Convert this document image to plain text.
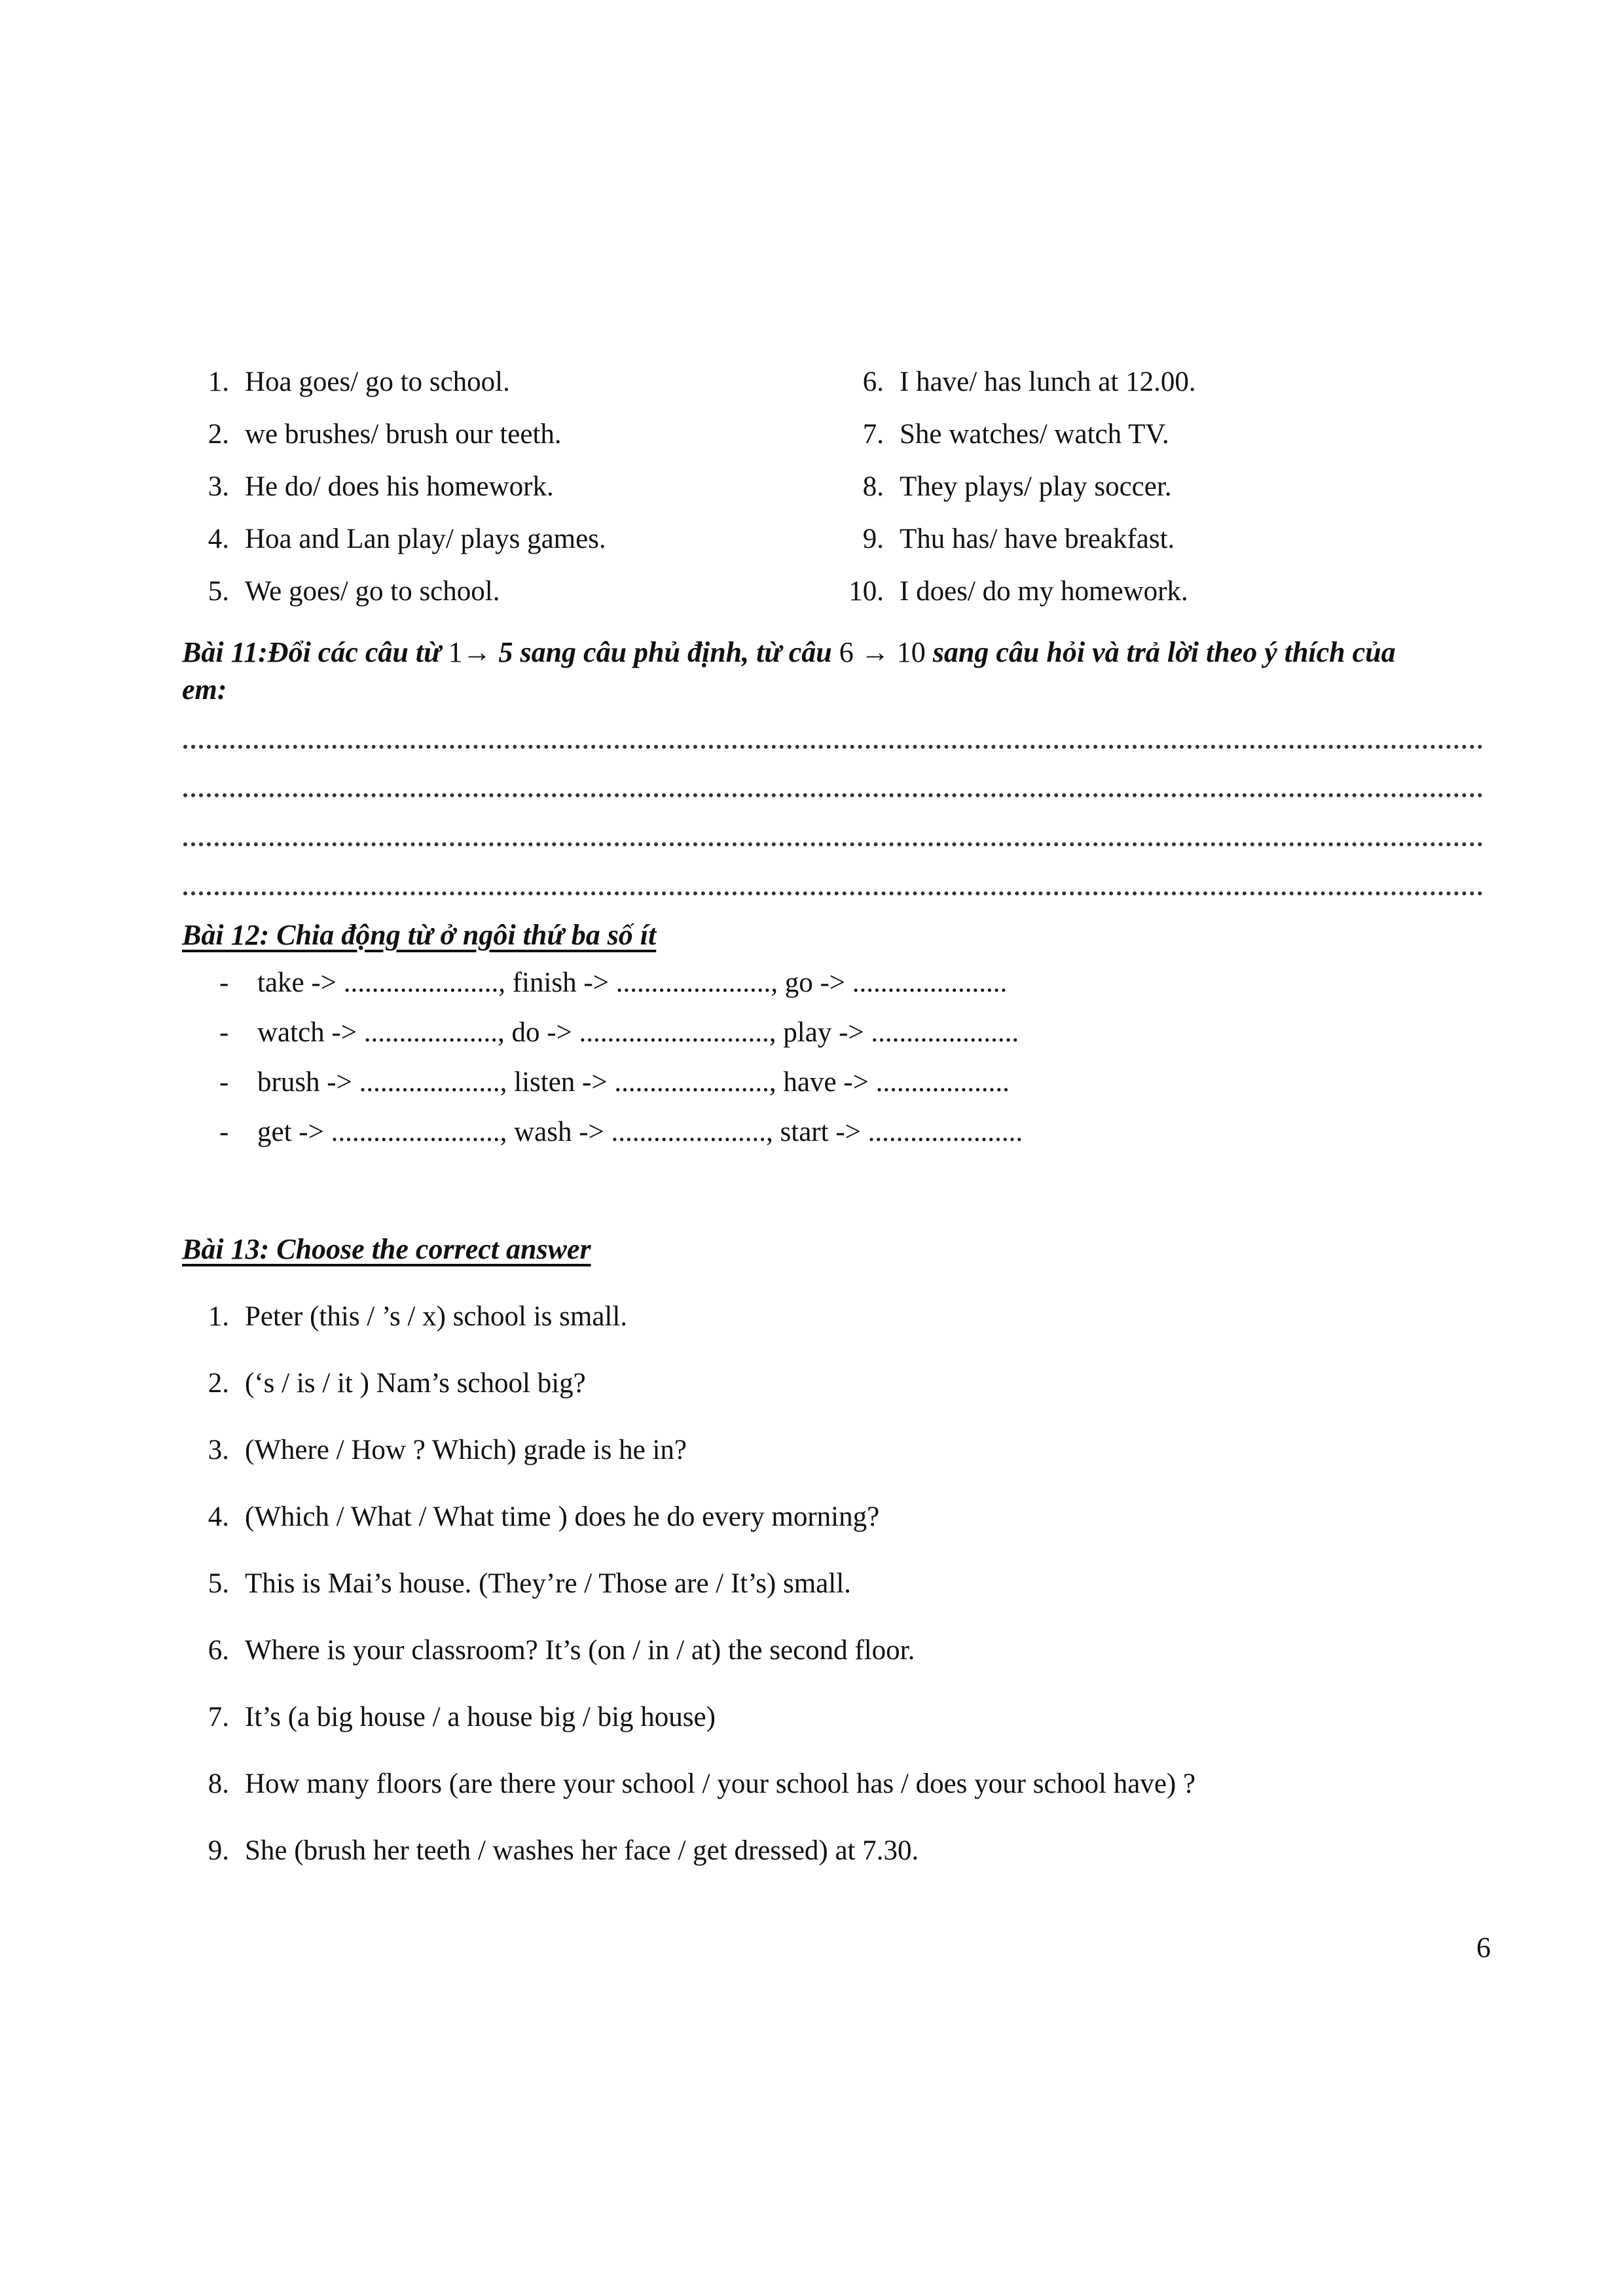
1. Hoa goes/ go to school.
2. we brushes/ brush our teeth.
3. He do/ does his homework.
4. Hoa and Lan play/ plays games.
5. We goes/ go to school.
6. I have/ has lunch at 12.00.
7. She watches/ watch TV.
8. They plays/ play soccer.
9. Thu has/ have breakfast.
10. I does/ do my homework.
Bài 11:Đổi các câu từ 1→ 5 sang câu phủ định, từ câu 6 → 10 sang câu hỏi và trả lời theo ý thích của
em:
Bài 12: Chia động từ ở ngôi thứ ba số ít
- take -> ......................, finish -> ......................, go -> ......................
- watch -> ..................., do -> ..........................., play -> .....................
- brush -> ...................., listen -> ......................, have -> ...................
- get -> ........................, wash -> ......................, start -> ......................
Bài 13: Choose the correct answer
1. Peter (this / ’s / x) school is small.
2. (‘s / is / it ) Nam’s school big?
3. (Where / How ? Which) grade is he in?
4. (Which / What / What time ) does he do every morning?
5. This is Mai’s house. (They’re / Those are / It’s) small.
6. Where is your classroom? It’s (on / in / at) the second floor.
7. It’s (a big house / a house big / big house)
8. How many floors (are there your school / your school has / does your school have) ?
9. She (brush her teeth / washes her face / get dressed) at 7.30.
6
